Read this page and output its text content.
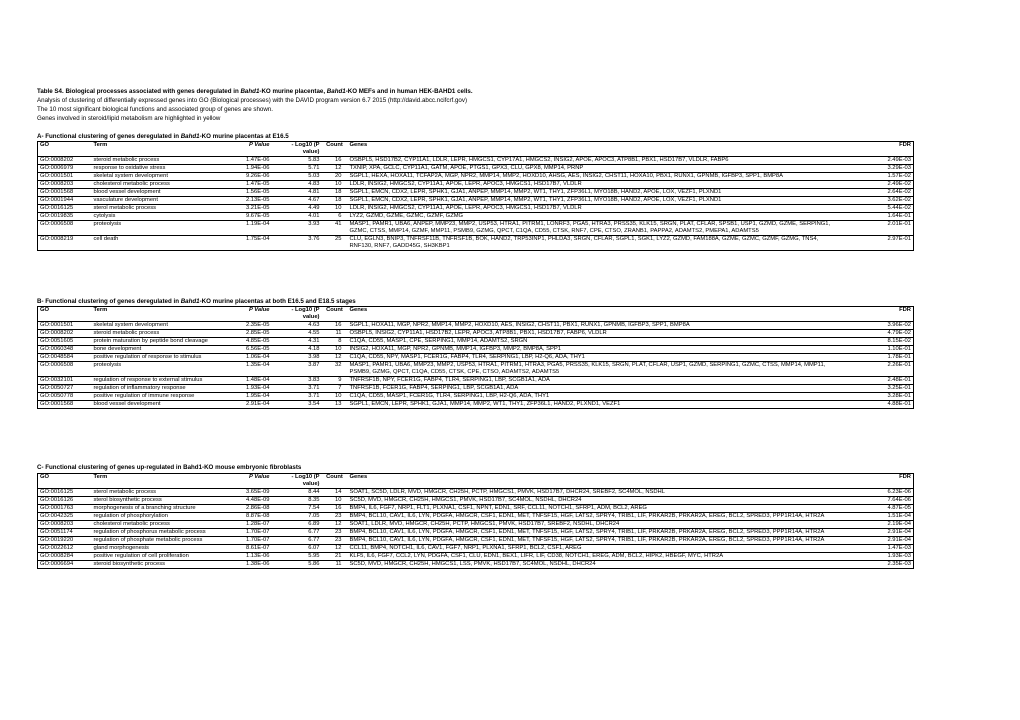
Table S4. Biological processes associated with genes deregulated in Bahd1-KO murine placentae, Bahd1-KO MEFs and in human HEK-BAHD1 cells.
Analysis of clustering of differentially expressed genes into GO (Biological processes) with the DAVID program version 6.7 2015 (http://david.abcc.ncifcrf.gov)
The 10 most significant biological functions and associated group of genes are shown.
Genes involved in steroid/lipid metabolism are highlighted in yellow
A- Functional clustering of genes deregulated in Bahd1-KO murine placentas at E16.5
GO	Term	P Value	- Log10 (P value)	Count	Genes	FDR
GO:0008202	steroid metabolic process	1.47E-06	5.83	16	OSBPL5, HSD17B2, CYP11A1, LDLR, LEPR, HMGCS1, CYP17A1, HMGCS2, INSIG2, APOE, APOC3, ATP8B1, PBX1, HSD17B7, VLDLR, FABP6	2.49E-03
GO:0006979	response to oxidative stress	1.94E-06	5.71	12	TXNIP, XPA, GCLC, CYP11A1, GATM, APOE, PTGS1, GPX3, CLU, GPX8, MMP14, PRNP	3.29E-03
GO:0001501	skeletal system development	9.26E-06	5.03	20	SGPL1, HEXA, HOXA11, TCFAP2A, MGP, NPR2, MMP14, MMP2, HOXD10, AHSG, AES, INSIG2, CHST11, HOXA10, PBX1, RUNX1, GPNMB, IGFBP3, SPP1, BMP8A	1.57E-02
GO:0008203	cholesterol metabolic process	1.47E-05	4.83	10	LDLR, INSIG2, HMGCS2, CYP11A1, APOE, LEPR, APOC3, HMGCS1, HSD17B7, VLDLR	2.49E-02
GO:0001568	blood vessel development	1.56E-05	4.81	18	SGPL1, EMCN, CDX2, LEPR, SPHK1, GJA1, ANPEP, MMP14, MMP2, WT1, THY1, ZFP36L1, MYO18B, HAND2, APOE, LOX, VEZF1, PLXND1	2.64E-02
GO:0001944	vasculature development	2.13E-05	4.67	18	SGPL1, EMCN, CDX2, LEPR, SPHK1, GJA1, ANPEP, MMP14, MMP2, WT1, THY1, ZFP36L1, MYO18B, HAND2, APOE, LOX, VEZF1, PLXND1	3.62E-02
GO:0016125	sterol metabolic process	3.21E-05	4.49	10	LDLR, INSIG2, HMGCS2, CYP11A1, APOE, LEPR, APOC3, HMGCS1, HSD17B7, VLDLR	5.44E-02
GO:0019835	cytolysis	9.67E-05	4.01	6	LYZ2, GZMD, GZME, GZMC, GZMF, GZMG	1.64E-01
GO:0006508	proteolysis	1.19E-04	3.93	41	MASP1, PAMR1, UBA6, ANPEP, MMP23, MMP2, USP53, HTRA1, PITRM1, LONRF3, PGA5, HTRA3, PRSS35, KLK15, SRGN, PLAT, CFLAR, SPSB1, USP1, GZMD, GZME, SERPING1, GZMC, CTSS, MMP14, GZMF, MMP11, PSMB9, GZMG, QPCT, C1QA, CD55, CTSK, RNF7, CPE, CTSO, ZRANB1, PAPPA2, ADAMTS2, PMEPA1, ADAMTS5	2.01E-01
GO:0008219	cell death	1.75E-04	3.76	25	CLU, EGLN3, BNIP3, TNFRSF11B, TNFRSF1B, BOK, HAND2, TRP53INP1, PHLDA3, SRGN, CFLAR, SGPL1, SGK1, LYZ2, GZMD, FAM188A, GZME, GZMC, GZMF, GZMG, TNS4, RNF130, RNF7, GADD45G, SH3KBP1	2.97E-01
B- Functional clustering of genes deregulated in Bahd1-KO murine placentas at both E16.5 and E18.5 stages
GO	Term	P Value	- Log10 (P value)	Count	Genes	FDR
GO:0001501	skeletal system development	2.35E-05	4.63	16	SGPL1, HOXA11, MGP, NPR2, MMP14, MMP2, HOXD10, AES, INSIG2, CHST11, PBX1, RUNX1, GPNMB, IGFBP3, SPP1, BMP8A	3.96E-02
GO:0008202	steroid metabolic process	2.85E-05	4.55	11	OSBPL5, INSIG2, CYP11A1, HSD17B2, LEPR, APOC3, ATP8B1, PBX1, HSD17B7, FABP6, VLDLR	4.79E-02
GO:0051605	protein maturation by peptide bond cleavage	4.85E-05	4.31	8	C1QA, CD55, MASP1, CPE, SERPING1, MMP14, ADAMTS2, SRGN	8.15E-02
GO:0060348	bone development	6.56E-05	4.18	10	INSIG2, HOXA11, MGP, NPR2, GPNMB, MMP14, IGFBP3, MMP2, BMP8A, SPP1	1.10E-01
GO:0048584	positive regulation of response to stimulus	1.06E-04	3.98	12	C1QA, CD55, NPY, MASP1, FCER1G, FABP4, TLR4, SERPING1, LBP, H2-Q6, ADA, THY1	1.78E-01
GO:0006508	proteolysis	1.35E-04	3.87	32	MASP1, PAMR1, UBA6, MMP23, MMP2, USP53, HTRA1, PITRM1, HTRA3, PGA5, PRSS35, KLK15, SRGN, PLAT, CFLAR, USP1, GZMD, SERPING1, GZMC, CTSS, MMP14, MMP11, PSMB9, GZMG, QPCT, C1QA, CD55, CTSK, CPE, CTSO, ADAMTS2, ADAMTS5	2.26E-01
GO:0032101	regulation of response to external stimulus	1.48E-04	3.83	9	TNFRSF1B, NPY, FCER1G, FABP4, TLR4, SERPING1, LBP, SCGB1A1, ADA	2.48E-01
GO:0050727	regulation of inflammatory response	1.93E-04	3.71	7	TNFRSF1B, FCER1G, FABP4, SERPING1, LBP, SCGB1A1, ADA	3.25E-01
GO:0050778	positive regulation of immune response	1.95E-04	3.71	10	C1QA, CD55, MASP1, FCER1G, TLR4, SERPING1, LBP, H2-Q6, ADA, THY1	3.28E-01
GO:0001568	blood vessel development	2.91E-04	3.54	13	SGPL1, EMCN, LEPR, SPHK1, GJA1, MMP14, MMP2, WT1, THY1, ZFP36L1, HAND2, PLXND1, VEZF1	4.88E-01
C- Functional clustering of genes up-regulated in Bahd1-KO mouse embryonic fibroblasts
GO	Term	P Value	- Log10 (P value)	Count	Genes	FDR
GO:0016125	sterol metabolic process	3.65E-09	8.44	14	SOAT1, SC5D, LDLR, MVD, HMGCR, CH25H, PCTP, HMGCS1, PMVK, HSD17B7, DHCR24, SREBF2, SC4MOL, NSDHL	6.23E-06
GO:0016126	sterol biosynthetic process	4.48E-09	8.35	10	SC5D, MVD, HMGCR, CH25H, HMGCS1, PMVK, HSD17B7, SC4MOL, NSDHL, DHCR24	7.64E-06
GO:0001763	morphogenesis of a branching structure	2.86E-08	7.54	16	BMP4, IL6, FGF7, NRP1, FLT1, PLXNA1, CSF1, NPNT, EDN1, SRF, CCL11, NOTCH1, SFRP1, ADM, BCL2, AREG	4.87E-05
GO:0042325	regulation of phosphorylation	8.87E-08	7.05	23	BMP4, BCL10, CAV1, IL6, LYN, PDGFA, HMGCR, CSF1, EDN1, MET, TNFSF15, HGF, LATS2, SPRY4, TRIB1, LIF, PRKAR2B, PRKAR2A, EREG, BCL2, SPRED3, PPP1R14A, HTR2A	1.51E-04
GO:0008203	cholesterol metabolic process	1.28E-07	6.89	12	SOAT1, LDLR, MVD, HMGCR, CH25H, PCTP, HMGCS1, PMVK, HSD17B7, SREBF2, NSDHL, DHCR24	2.19E-04
GO:0051174	regulation of phosphorus metabolic process	1.70E-07	6.77	23	BMP4, BCL10, CAV1, IL6, LYN, PDGFA, HMGCR, CSF1, EDN1, MET, TNFSF15, HGF, LATS2, SPRY4, TRIB1, LIF, PRKAR2B, PRKAR2A, EREG, BCL2, SPRED3, PPP1R14A, HTR2A	2.91E-04
GO:0019220	regulation of phosphate metabolic process	1.70E-07	6.77	23	BMP4, BCL10, CAV1, IL6, LYN, PDGFA, HMGCR, CSF1, EDN1, MET, TNFSF15, HGF, LATS2, SPRY4, TRIB1, LIF, PRKAR2B, PRKAR2A, EREG, BCL2, SPRED3, PPP1R14A, HTR2A	2.91E-04
GO:0022612	gland morphogenesis	8.61E-07	6.07	12	CCL11, BMP4, NOTCH1, IL6, CAV1, FGF7, NRP1, PLXNA1, SFRP1, BCL2, CSF1, AREG	1.47E-03
GO:0008284	positive regulation of cell proliferation	1.13E-06	5.95	21	KLF5, IL6, FGF7, CCL2, LYN, PDGFA, CSF1, CLU, EDN1, BEX1, LIFR, LIF, CD38, NOTCH1, EREG, ADM, BCL2, HIPK2, HBEGF, MYC, HTR2A	1.93E-03
GO:0006694	steroid biosynthetic process	1.38E-06	5.86	11	SC5D, MVD, HMGCR, CH25H, HMGCS1, LSS, PMVK, HSD17B7, SC4MOL, NSDHL, DHCR24	2.35E-03
